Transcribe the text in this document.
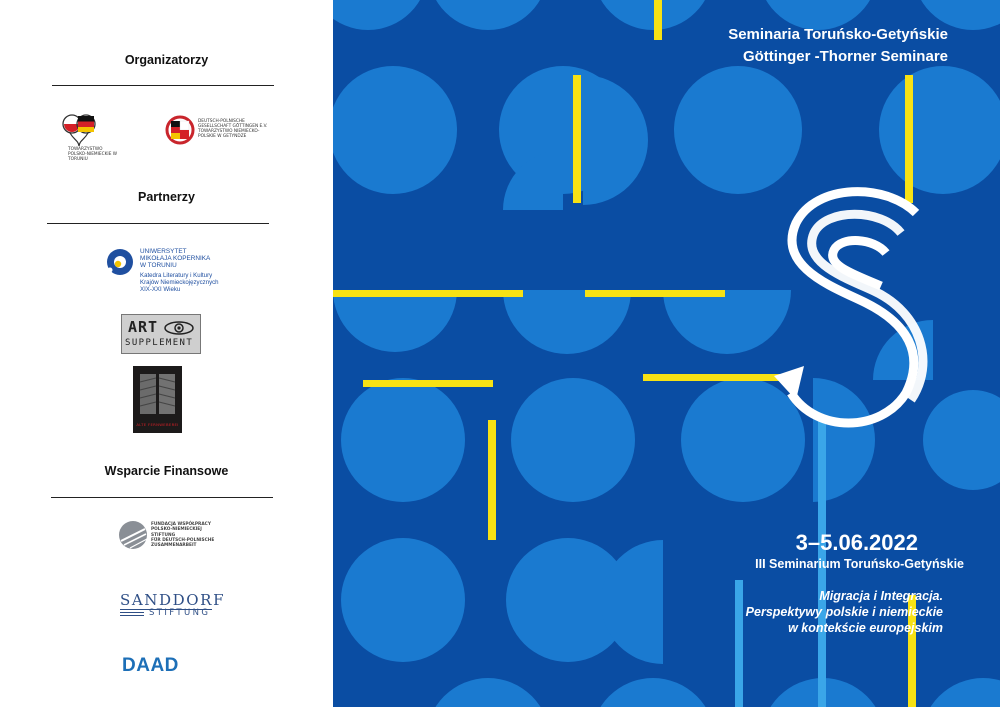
Organizatorzy
TOWARZYSTWO POLSKO-NIEMIECKIE W TORUNIU
DEUTSCH-POLNISCHE
GESELLSCHAFT GÖTTINGEN E.V.
TOWARZYSTWO NIEMIECKO-
POLSKIE W GETYNDZE
Partnerzy
UNIWERSYTET
MIKOŁAJA KOPERNIKA
W TORUNIU
Katedra Literatury i Kultury
Krajów Niemieckojęzycznych
XIX-XXI Wieku
ART
SUPPLEMENT
ALTE FERNWEBEREI
Wsparcie Finansowe
FUNDACJA WSPÓŁPRACY
POLSKO-NIEMIECKIEJ
STIFTUNG
FÜR DEUTSCH-POLNISCHE
ZUSAMMENARBEIT
SANDDORF
STIFTUNG
DAAD
Seminaria Toruńsko-Getyńskie
Göttinger -Thorner Seminare
3–5.06.2022
III Seminarium Toruńsko-Getyńskie
Migracja i Integracja.
Perspektywy polskie i niemieckie
w kontekście europejskim
